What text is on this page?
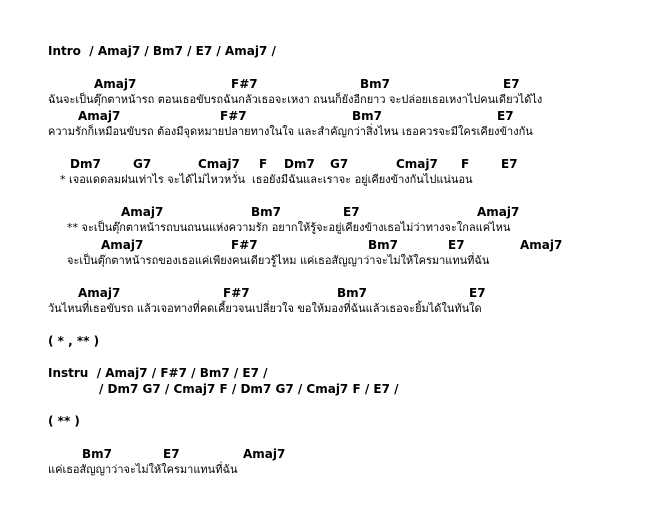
Intro  / Amaj7 / Bm7 / E7 / Amaj7 /
Amaj7	F#7	Bm7	E7
ฉันจะเป็นตุ๊กตาหน้ารถ ตอนเธอขับรถฉันกลัวเธอจะเหงา ถนนก็ยังอีกยาว จะปล่อยเธอเหงาไปคนเดียวได้ไง
Amaj7	F#7	Bm7	E7
ความรักก็เหมือนขับรถ ต้องมีจุดหมายปลายทางในใจ และสำคัญกว่าสิ่งไหน เธอควรจะมีใครเคียงข้างกัน
Dm7	G7	Cmaj7 F Dm7 G7	Cmaj7 F	E7
* เจอแดดลมฝนเท่าไร จะได้ไม่ไหวหวั่น  เธอยังมีฉันและเราจะ อยู่เคียงข้างกันไปแน่นอน
Amaj7	Bm7	E7	Amaj7
** จะเป็นตุ๊กตาหน้ารถบนถนนแห่งความรัก อยากให้รู้จะอยู่เคียงข้างเธอไม่ว่าทางจะใกลแค่ไหน
Amaj7	F#7	Bm7	E7	Amaj7
จะเป็นตุ๊กตาหน้ารถของเธอแค่เพียงคนเดียวรู้ไหม แค่เธอสัญญาว่าจะไม่ให้ใครมาแทนที่ฉัน
Amaj7	F#7	Bm7	E7
วันไหนที่เธอขับรถ แล้วเจอทางที่คดเคี้ยวจนเปลี่ยวใจ ขอให้มองที่ฉันแล้วเธอจะยิ้มได้ในทันใด
( * , ** )
Instru  / Amaj7 / F#7 / Bm7 / E7 /
/ Dm7 G7 / Cmaj7 F / Dm7 G7 / Cmaj7 F / E7 /
( ** )
Bm7	E7	Amaj7
แค่เธอสัญญาว่าจะไม่ให้ใครมาแทนที่ฉัน
